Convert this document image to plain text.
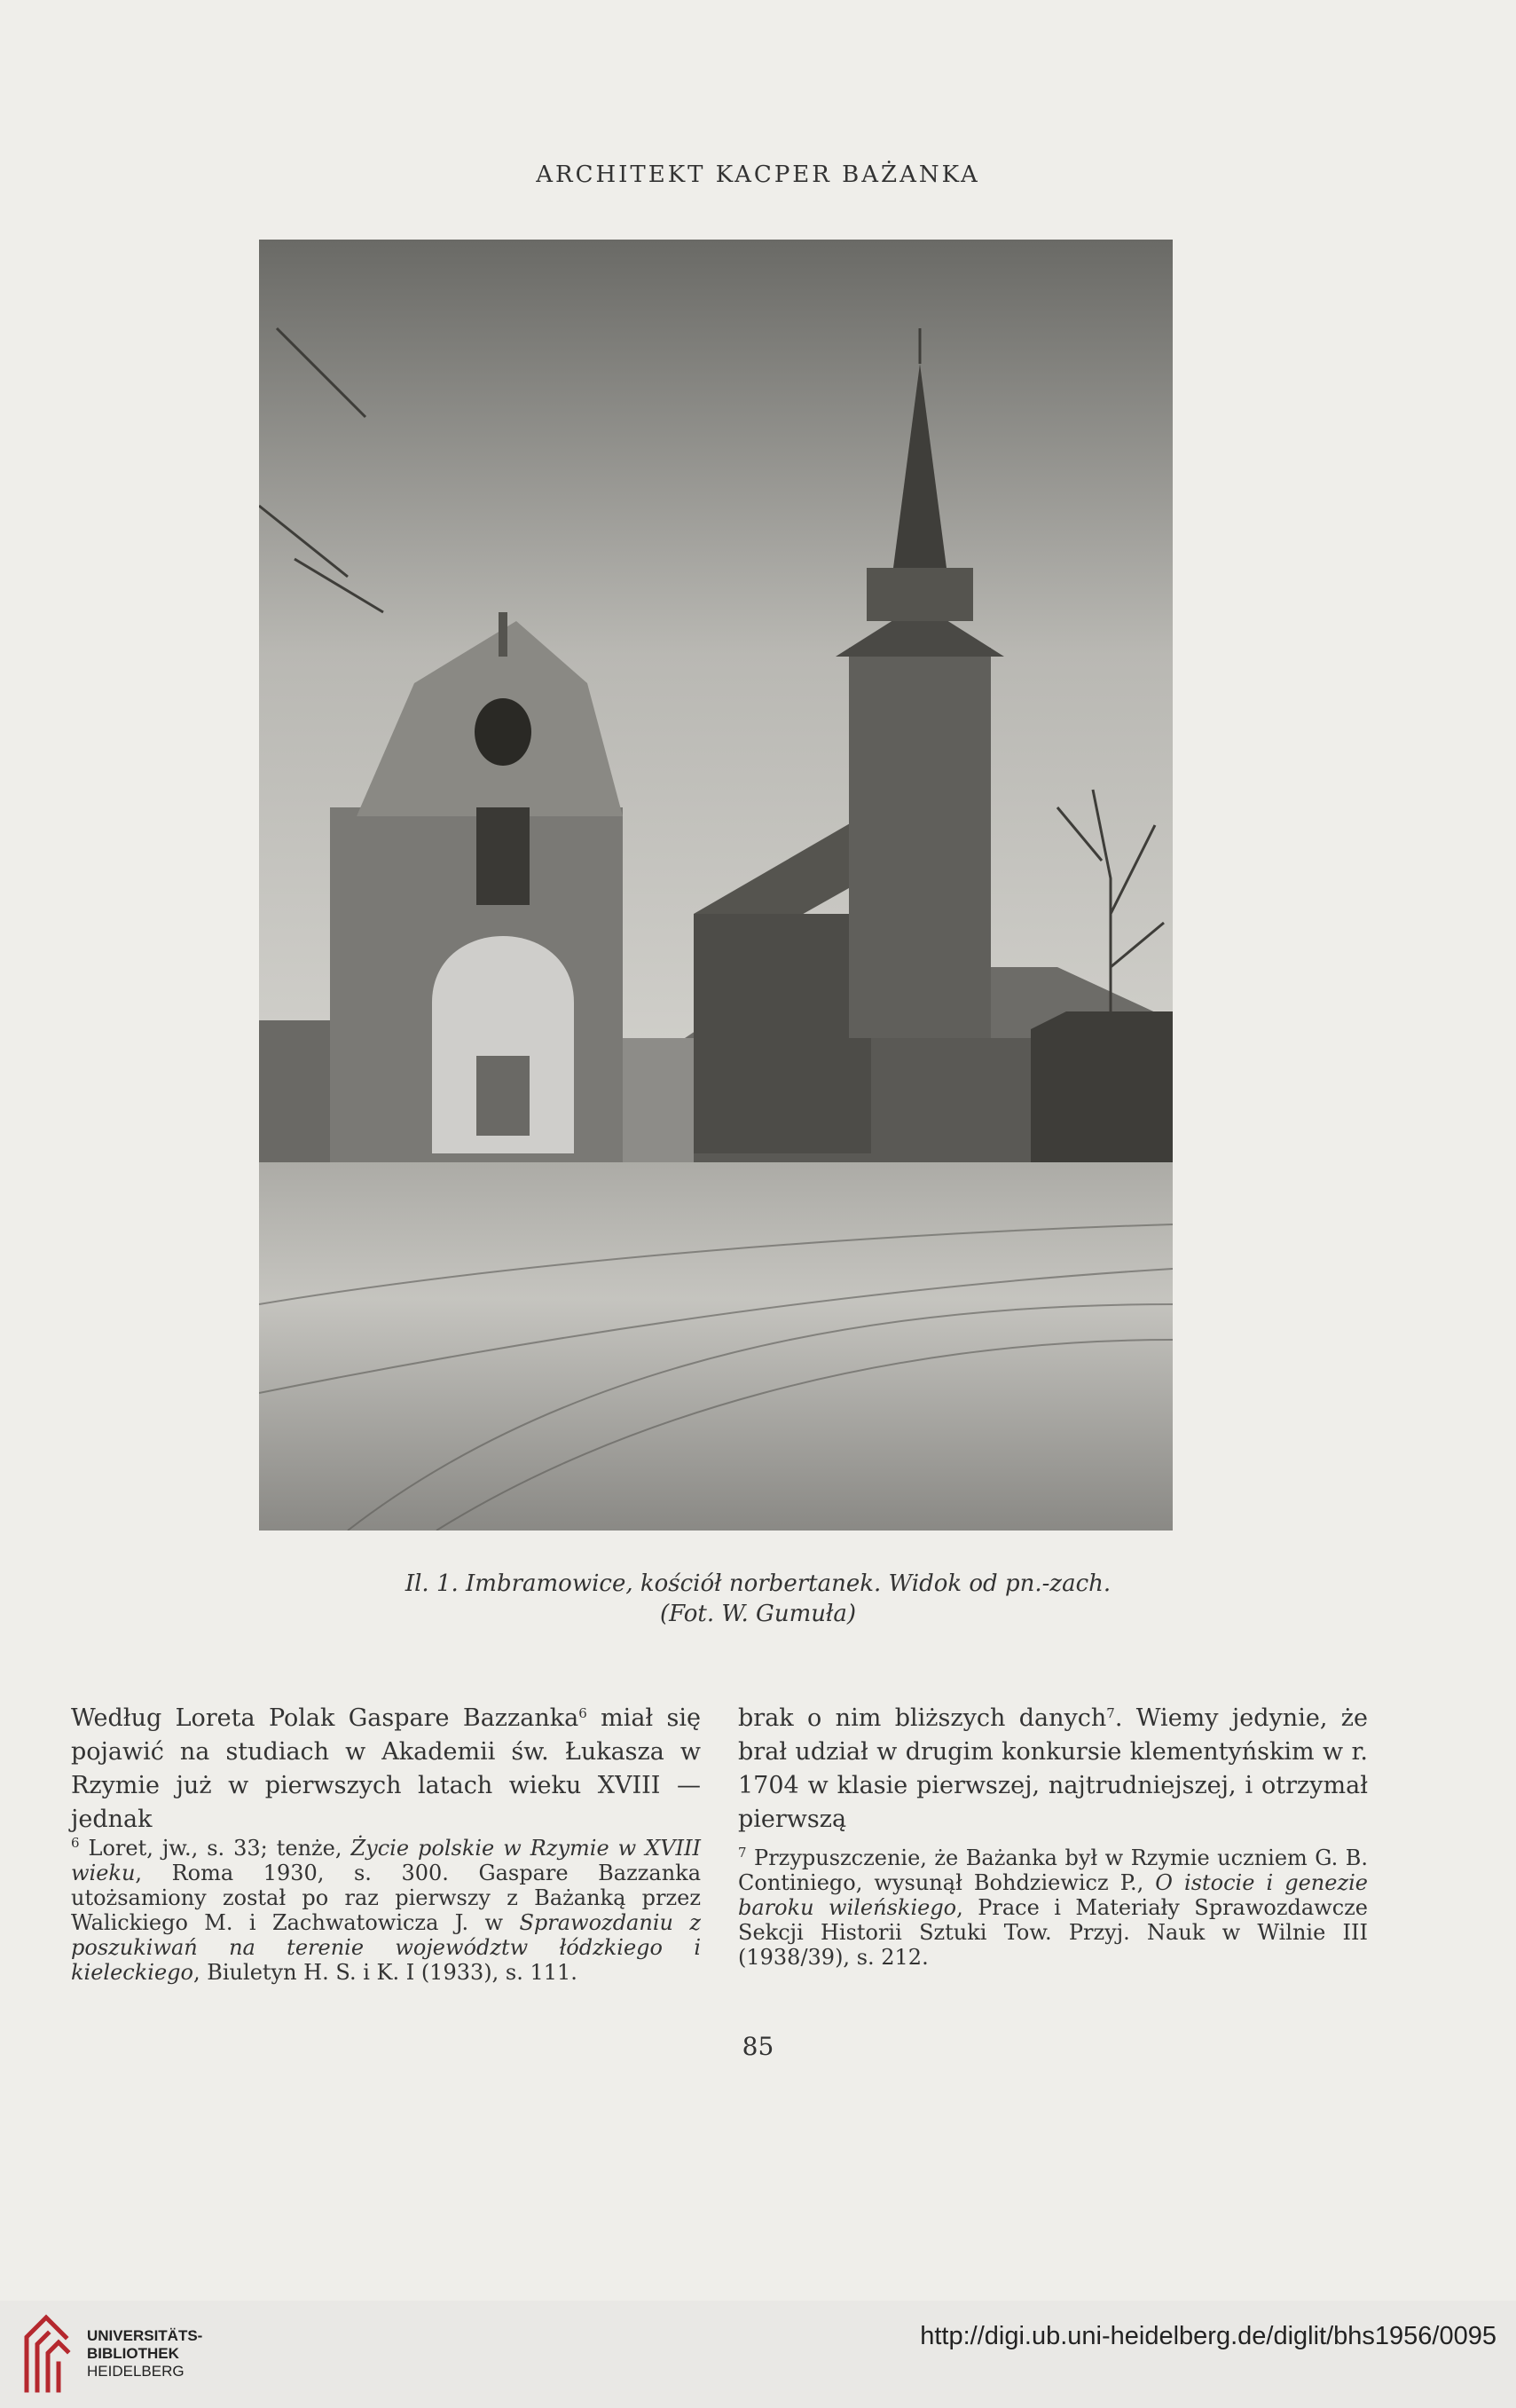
ARCHITEKT KACPER BAŻANKA
Il. 1. Imbramowice, kościół norbertanek. Widok od pn.-zach.
(Fot. W. Gumuła)
Według Loreta Polak Gaspare Bazzanka$^6$ miał się pojawić na studiach w Akademii św. Łukasza w Rzymie już w pierwszych latach wieku XVIII — jednak
brak o nim bliższych danych$^7$. Wiemy jedynie, że brał udział w drugim konkursie klementyńskim w r. 1704 w klasie pierwszej, najtrudniejszej, i otrzymał pierwszą
$^6$ Loret, jw., s. 33; tenże, Życie polskie w Rzymie w XVIII wieku, Roma 1930, s. 300. Gaspare Bazzanka utożsamiony został po raz pierwszy z Bażanką przez Walickiego M. i Zachwatowicza J. w Sprawozdaniu z poszukiwań na terenie województw łódzkiego i kieleckiego, Biuletyn H. S. i K. I (1933), s. 111.
$^7$ Przypuszczenie, że Bażanka był w Rzymie uczniem G. B. Continiego, wysunął Bohdziewicz P., O istocie i genezie baroku wileńskiego, Prace i Materiały Sprawozdawcze Sekcji Historii Sztuki Tow. Przyj. Nauk w Wilnie III (1938/39), s. 212.
85
UNIVERSITÄTS-
BIBLIOTHEK
HEIDELBERG
http://digi.ub.uni-heidelberg.de/diglit/bhs1956/0095
